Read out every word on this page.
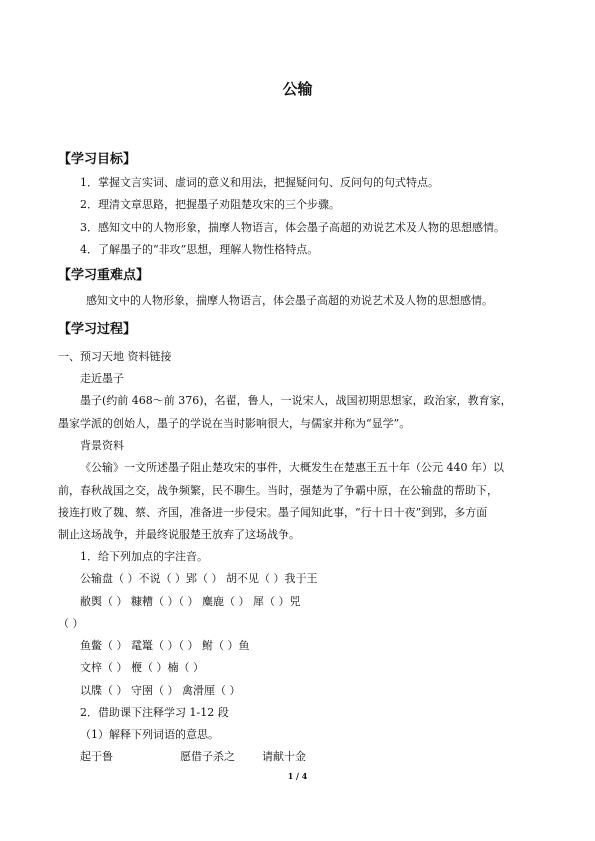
公输
【学习目标】
1．掌握文言实词、虚词的意义和用法，把握疑问句、反问句的句式特点。
2．理清文章思路，把握墨子劝阻楚攻宋的三个步骤。
3．感知文中的人物形象，揣摩人物语言，体会墨子高超的劝说艺术及人物的思想感情。
4．了解墨子的“非攻”思想，理解人物性格特点。
【学习重难点】
感知文中的人物形象，揣摩人物语言，体会墨子高超的劝说艺术及人物的思想感情。
【学习过程】
一、预习天地 资料链接
走近墨子
墨子(约前 468～前 376)，名翟，鲁人，一说宋人，战国初期思想家，政治家，教育家，
墨家学派的创始人，墨子的学说在当时影响很大，与儒家并称为“显学”。
背景资料
《公输》一文所述墨子阻止楚攻宋的事件，大概发生在楚惠王五十年（公元 440 年）以
前，春秋战国之交，战争频繁，民不聊生。当时，强楚为了争霸中原，在公输盘的帮助下，
接连打败了魏、蔡、齐国，准备进一步侵宋。墨子闻知此事，“行十日十夜”到郢，多方面
制止这场战争，并最终说服楚王放弃了这场战争。
1．给下列加点的字注音。
公输盘（ ）不说（ ）郢（ ） 胡不见（ ）我于王
敝舆（ ） 糠糟（ ）（ ） 麋鹿（ ） 犀（ ）兕
（ ）
鱼鳖（ ） 鼋鼍（ ）（ ） 鲋（ ）鱼
文梓（ ） 楩（ ）楠（ ）
以牒（ ） 守圉（ ） 禽滑厘（ ）
2．借助课下注释学习 1-12 段
（1）解释下列词语的意思。
起于鲁	愿借子杀之 请献十金
1 / 4
